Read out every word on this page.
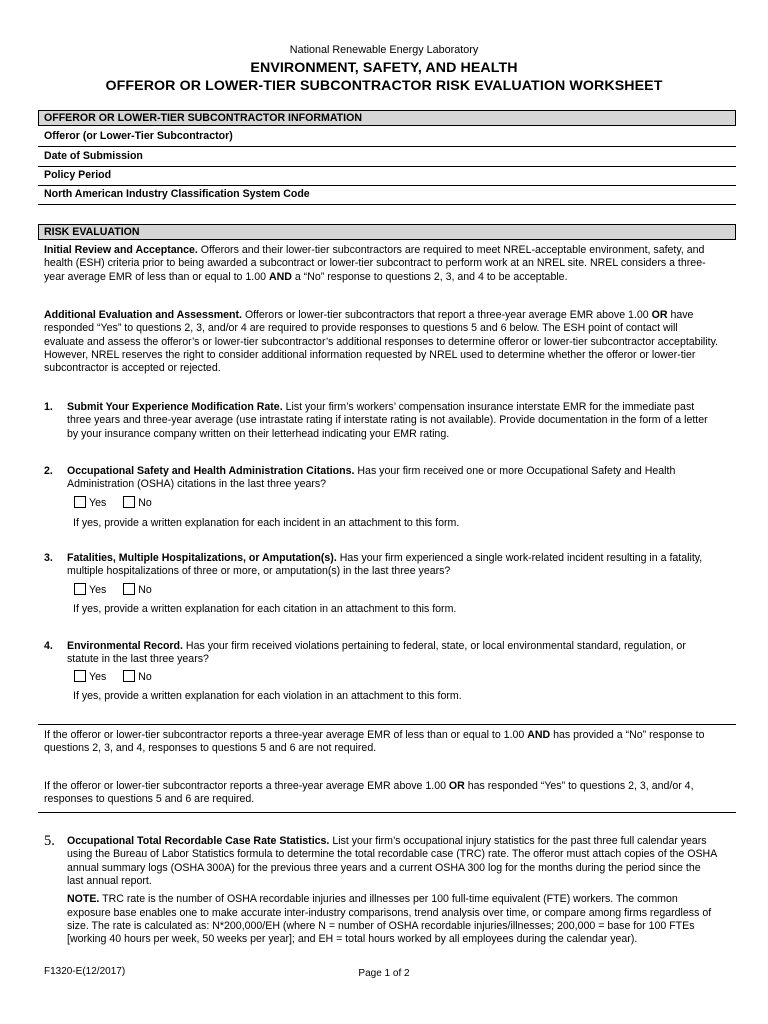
National Renewable Energy Laboratory
ENVIRONMENT, SAFETY, AND HEALTH
OFFEROR OR LOWER-TIER SUBCONTRACTOR RISK EVALUATION WORKSHEET
OFFEROR OR LOWER-TIER SUBCONTRACTOR INFORMATION
Offeror (or Lower-Tier Subcontractor)
Date of Submission
Policy Period
North American Industry Classification System Code
RISK EVALUATION
Initial Review and Acceptance. Offerors and their lower-tier subcontractors are required to meet NREL-acceptable environment, safety, and health (ESH) criteria prior to being awarded a subcontract or lower-tier subcontract to perform work at an NREL site. NREL considers a three-year average EMR of less than or equal to 1.00 AND a “No” response to questions 2, 3, and 4 to be acceptable.
Additional Evaluation and Assessment. Offerors or lower-tier subcontractors that report a three-year average EMR above 1.00 OR have responded “Yes” to questions 2, 3, and/or 4 are required to provide responses to questions 5 and 6 below. The ESH point of contact will evaluate and assess the offeror’s or lower-tier subcontractor’s additional responses to determine offeror or lower-tier subcontractor acceptability. However, NREL reserves the right to consider additional information requested by NREL used to determine whether the offeror or lower-tier subcontractor is accepted or rejected.
1. Submit Your Experience Modification Rate. List your firm’s workers’ compensation insurance interstate EMR for the immediate past three years and three-year average (use intrastate rating if interstate rating is not available). Provide documentation in the form of a letter by your insurance company written on their letterhead indicating your EMR rating.
2. Occupational Safety and Health Administration Citations. Has your firm received one or more Occupational Safety and Health Administration (OSHA) citations in the last three years?
Yes	No
If yes, provide a written explanation for each incident in an attachment to this form.
3. Fatalities, Multiple Hospitalizations, or Amputation(s). Has your firm experienced a single work-related incident resulting in a fatality, multiple hospitalizations of three or more, or amputation(s) in the last three years?
Yes	No
If yes, provide a written explanation for each citation in an attachment to this form.
4. Environmental Record. Has your firm received violations pertaining to federal, state, or local environmental standard, regulation, or statute in the last three years?
Yes	No
If yes, provide a written explanation for each violation in an attachment to this form.
If the offeror or lower-tier subcontractor reports a three-year average EMR of less than or equal to 1.00 AND has provided a “No” response to questions 2, 3, and 4, responses to questions 5 and 6 are not required.
If the offeror or lower-tier subcontractor reports a three-year average EMR above 1.00 OR has responded “Yes” to questions 2, 3, and/or 4, responses to questions 5 and 6 are required.
5. Occupational Total Recordable Case Rate Statistics. List your firm’s occupational injury statistics for the past three full calendar years using the Bureau of Labor Statistics formula to determine the total recordable case (TRC) rate. The offeror must attach copies of the OSHA annual summary logs (OSHA 300A) for the previous three years and a current OSHA 300 log for the months during the period since the last annual report.
NOTE. TRC rate is the number of OSHA recordable injuries and illnesses per 100 full-time equivalent (FTE) workers. The common exposure base enables one to make accurate inter-industry comparisons, trend analysis over time, or compare among firms regardless of size. The rate is calculated as: N*200,000/EH (where N = number of OSHA recordable injuries/illnesses; 200,000 = base for 100 FTEs [working 40 hours per week, 50 weeks per year]; and EH = total hours worked by all employees during the calendar year).
F1320-E(12/2017)	Page 1 of 2
